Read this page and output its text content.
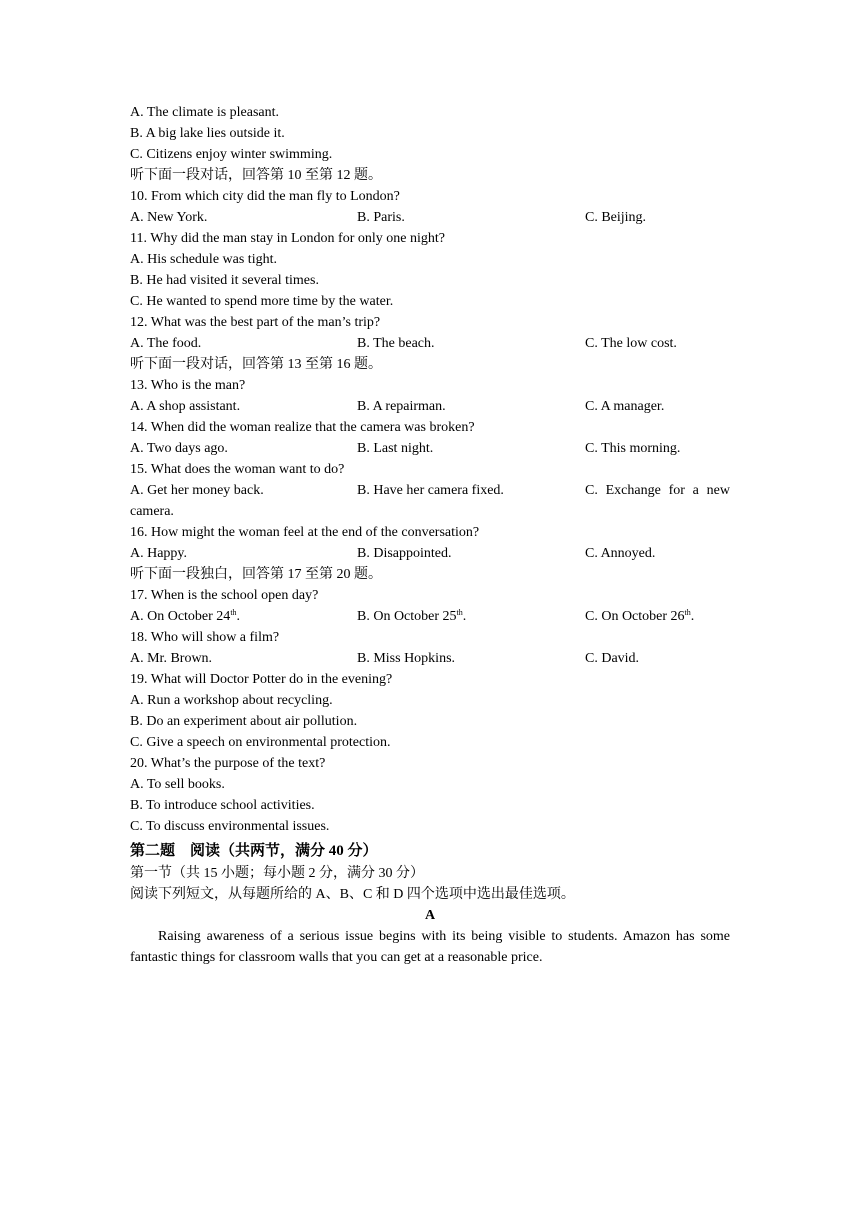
A. The climate is pleasant.
B. A big lake lies outside it.
C. Citizens enjoy winter swimming.
听下面一段对话，回答第 10 至第 12 题。
10. From which city did the man fly to London?
A. New York.	B. Paris.	C. Beijing.
11. Why did the man stay in London for only one night?
A. His schedule was tight.
B. He had visited it several times.
C. He wanted to spend more time by the water.
12. What was the best part of the man’s trip?
A. The food.	B. The beach.	C. The low cost.
听下面一段对话，回答第 13 至第 16 题。
13. Who is the man?
A. A shop assistant.	B. A repairman.	C. A manager.
14. When did the woman realize that the camera was broken?
A. Two days ago.	B. Last night.	C. This morning.
15. What does the woman want to do?
A. Get her money back.	B. Have her camera fixed.	C. Exchange for a new
camera.
16. How might the woman feel at the end of the conversation?
A. Happy.	B. Disappointed.	C. Annoyed.
听下面一段独白，回答第 17 至第 20 题。
17. When is the school open day?
A. On October 24th.	B. On October 25th.	C. On October 26th.
18. Who will show a film?
A. Mr. Brown.	B. Miss Hopkins.	C. David.
19. What will Doctor Potter do in the evening?
A. Run a workshop about recycling.
B. Do an experiment about air pollution.
C. Give a speech on environmental protection.
20. What’s the purpose of the text?
A. To sell books.
B. To introduce school activities.
C. To discuss environmental issues.
第二题　阅读（共两节，满分 40 分）
第一节（共 15 小题；每小题 2 分，满分 30 分）
阅读下列短文，从每题所给的 A、B、C 和 D 四个选项中选出最佳选项。
A
Raising awareness of a serious issue begins with its being visible to students. Amazon has some fantastic things for classroom walls that you can get at a reasonable price.
